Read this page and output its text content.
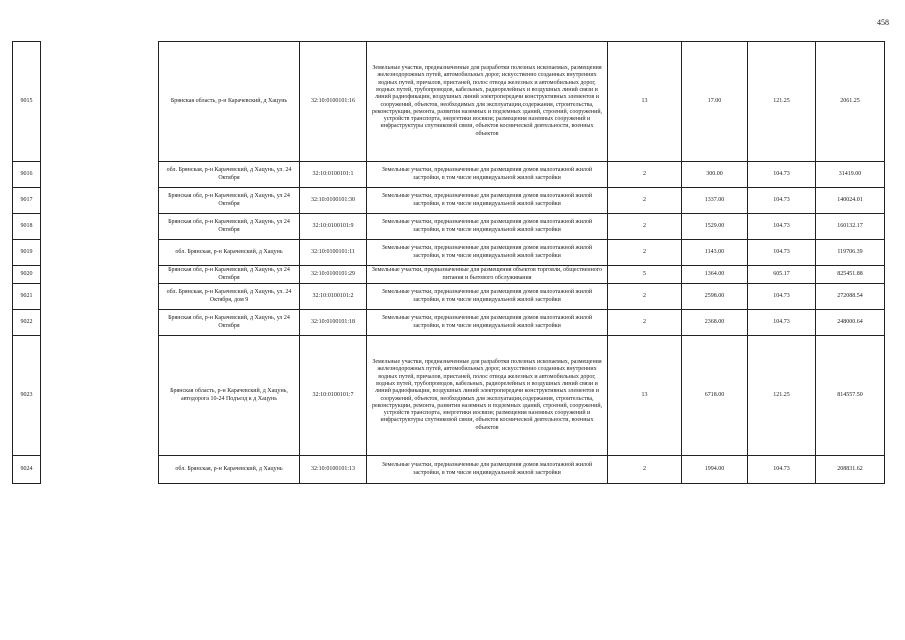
458
9015		Брянская область, р-н Карачевский, д Хацунь	32:10:0100101:16	Земельные участки, предназначенные для разработки полезных ископаемых, размещения железнодорожных путей, автомобильных дорог, искусственно созданных внутренних водных путей, причалов, пристаней, полос отвода железных и автомобильных дорог, водных путей, трубопроводов, кабельных, радиорелейных и воздушных линий связи и линий радиофикации, воздушных линий электропередачи конструктивных элементов и сооружений, объектов, необходимых для эксплуатации,содержания, строительства, реконструкции, ремонта, развития наземных и подземных зданий, строений, сооружений, устройств транспорта, энергетики иосвязи; размещения наземных сооружений и инфраструктуры спутниковой связи, объектов космической деятельности, военных объектов	13	17.00	121.25	2061.25
9016		обл. Брянская, р-н Карачевский, д Хацунь, ул. 24 Октября	32:10:0100101:1	Земельные участки, предназначенные для размещения домов малоэтажной жилой застройки, в том числе индивидуальной жилой застройки	2	300.00	104.73	31419.00
9017		Брянская обл, р-н Карачевский, д Хацунь, ул 24 Октября	32:10:0100101:30	Земельные участки, предназначенные для размещения домов малоэтажной жилой застройки, в том числе индивидуальной жилой застройки	2	1337.00	104.73	140024.01
9018		Брянская обл, р-н Карачевский, д Хацунь, ул 24 Октября	32:10:0100101:9	Земельные участки, предназначенные для размещения домов малоэтажной жилой застройки, в том числе индивидуальной жилой застройки	2	1529.00	104.73	160132.17
9019		обл. Брянская, р-н Карачевский, д Хацунь	32:10:0100101:11	Земельные участки, предназначенные для размещения домов малоэтажной жилой застройки, в том числе индивидуальной жилой застройки	2	1143.00	104.73	119706.39
9020		Брянская обл, р-н Карачевский, д Хацунь, ул 24 Октября	32:10:0100101:29	Земельные участки, предназначенные для размещения объектов торговли, общественного питания и бытового обслуживания	5	1364.00	605.17	825451.88
9021		обл. Брянская, р-н Карачевский, д Хацунь, ул. 24 Октября, дом 9	32:10:0100101:2	Земельные участки, предназначенные для размещения домов малоэтажной жилой застройки, в том числе индивидуальной жилой застройки	2	2598.00	104.73	272088.54
9022		Брянская обл, р-н Карачевский, д Хацунь, ул 24 Октября	32:10:0100101:18	Земельные участки, предназначенные для размещения домов малоэтажной жилой застройки, в том числе индивидуальной жилой застройки	2	2368.00	104.73	248000.64
9023		Брянская область, р-н Карачевский, д Хацунь, автодорога 10-24 Подъезд к д Хацунь	32:10:0100101:7	Земельные участки, предназначенные для разработки полезных ископаемых, размещения железнодорожных путей, автомобильных дорог, искусственно созданных внутренних водных путей, причалов, пристаней, полос отвода железных и автомобильных дорог, водных путей, трубопроводов, кабельных, радиорелейных и воздушных линий связи и линий радиофикации, воздушных линий электропередачи конструктивных элементов и сооружений, объектов, необходимых для эксплуатации,содержания, строительства, реконструкции, ремонта, развития наземных и подземных зданий, строений, сооружений, устройств транспорта, энергетики иосвязи; размещения наземных сооружений и инфраструктуры спутниковой связи, объектов космической деятельности, военных объектов	13	6718.00	121.25	814557.50
9024		обл. Брянская, р-н Карачевский, д Хацунь	32:10:0100101:13	Земельные участки, предназначенные для размещения домов малоэтажной жилой застройки, в том числе индивидуальной жилой застройки	2	1994.00	104.73	208831.62
